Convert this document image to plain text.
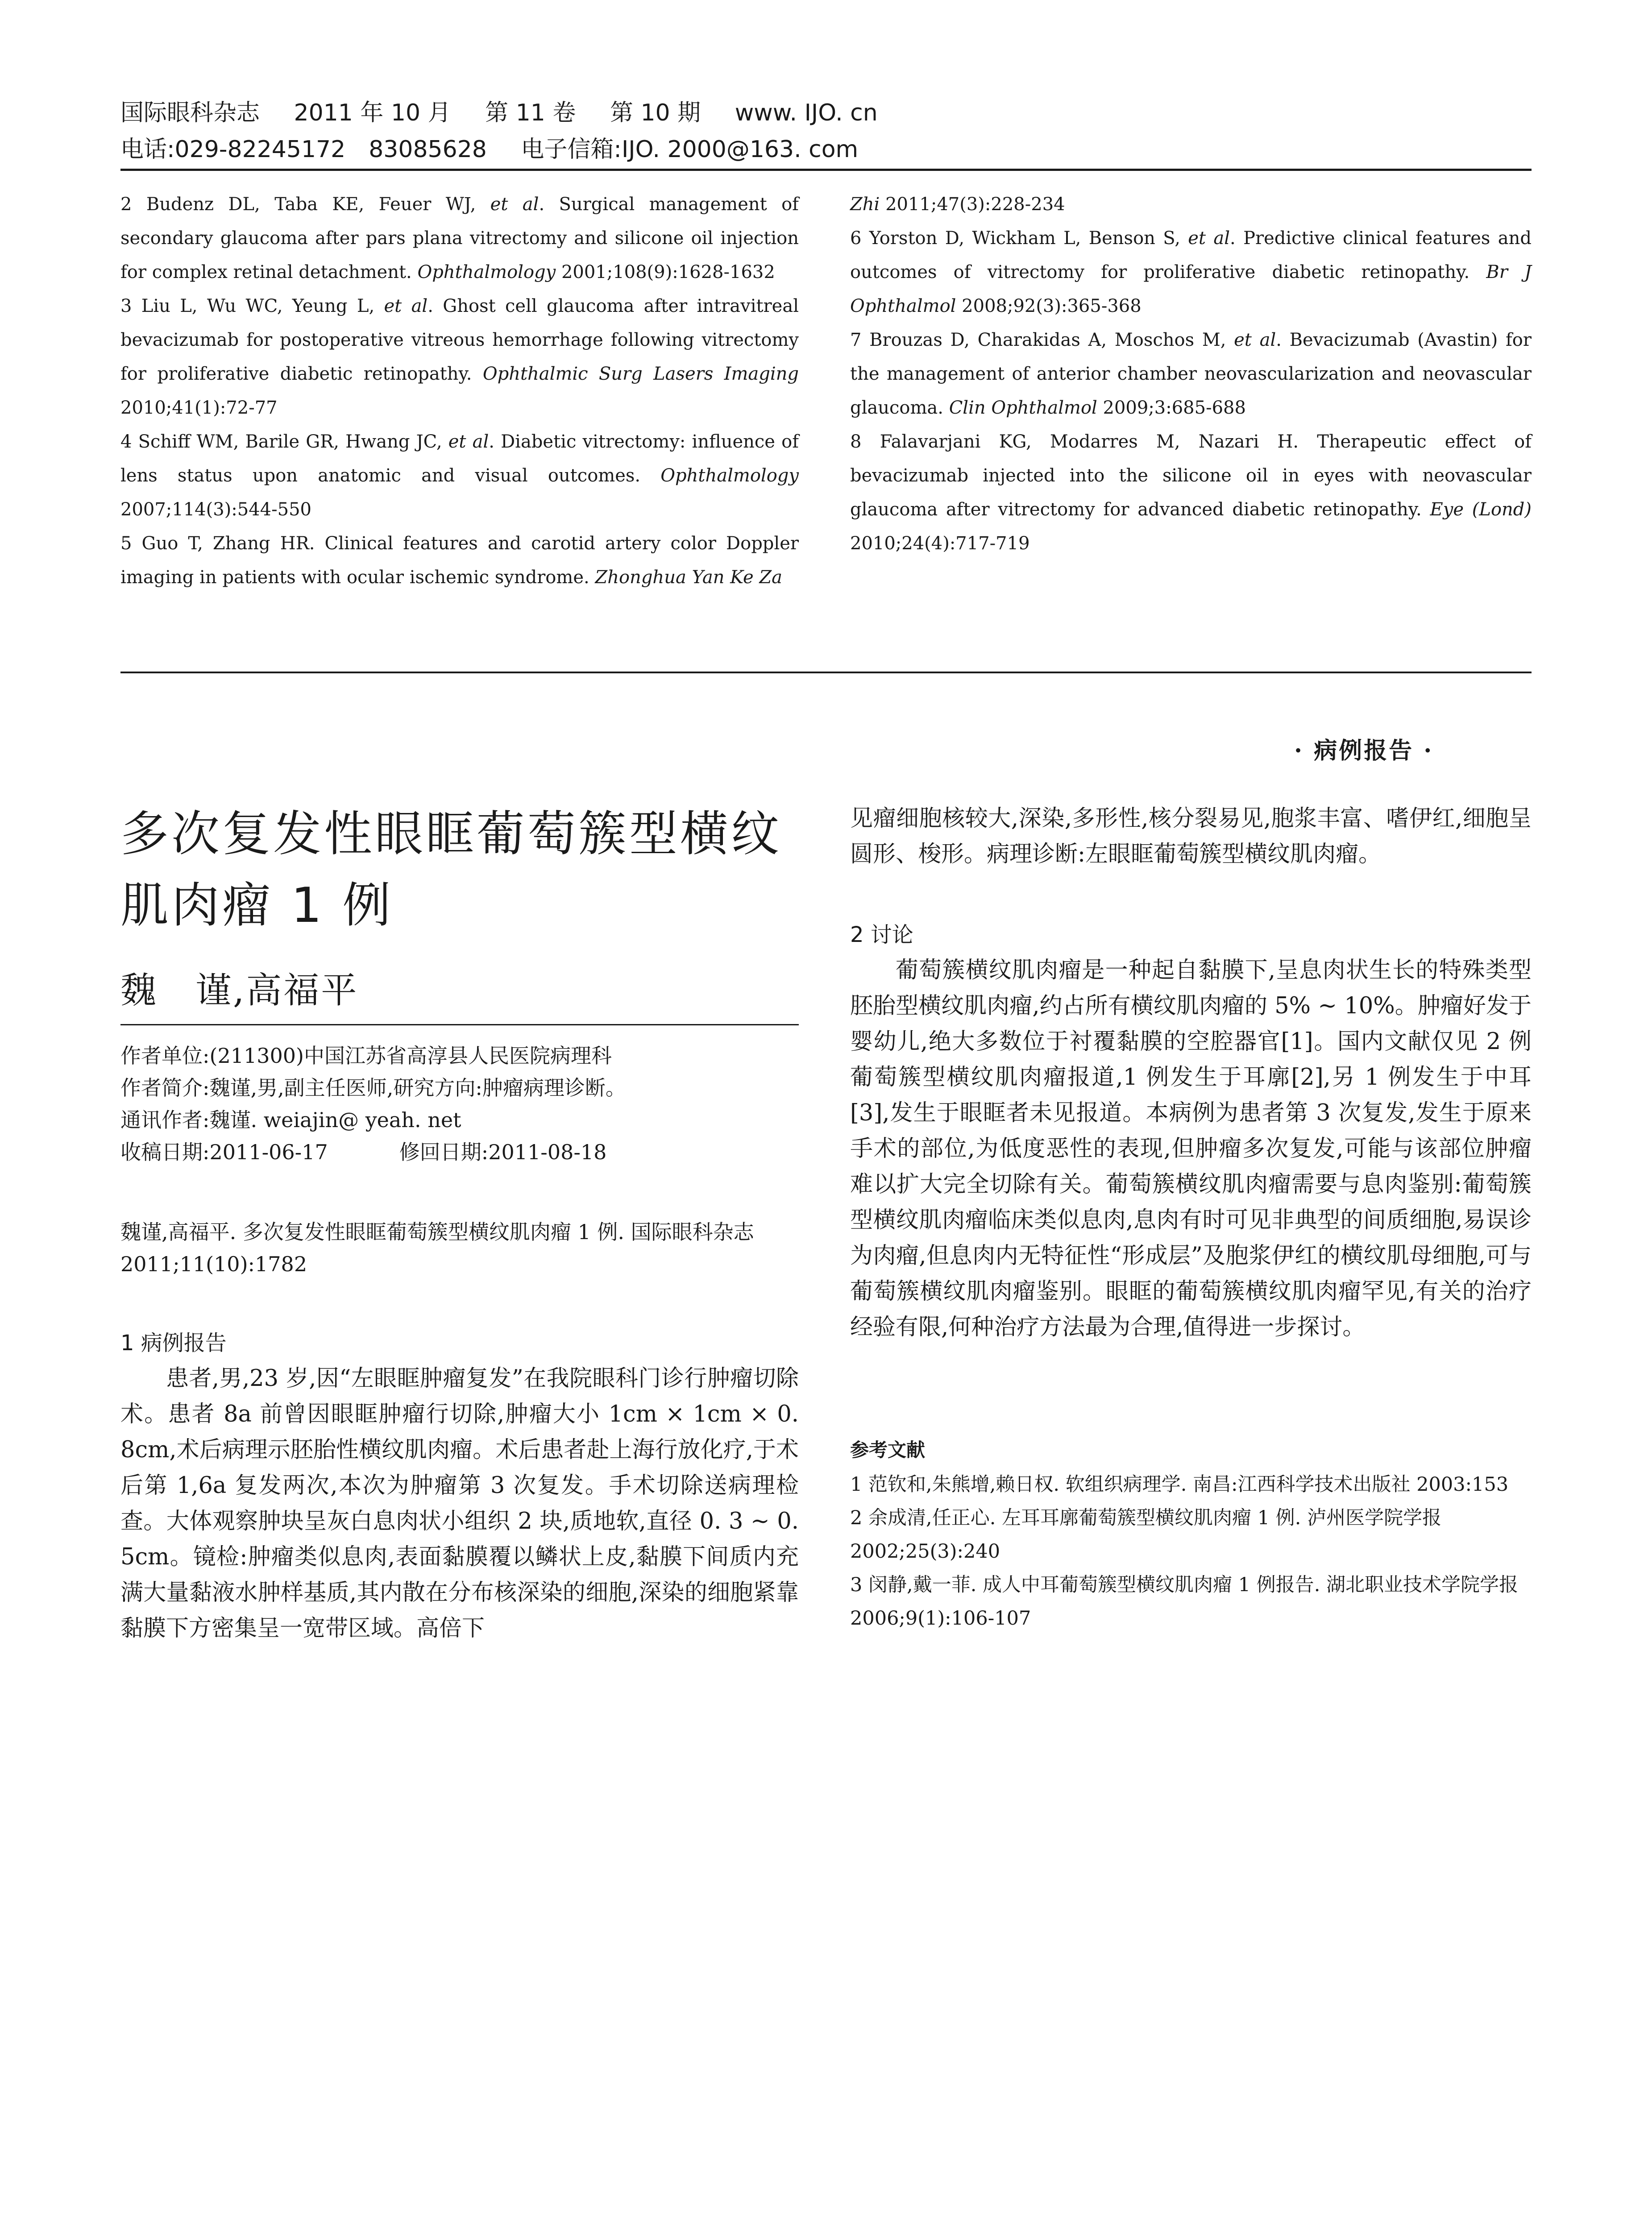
国际眼科杂志 2011 年 10 月 第 11 卷 第 10 期 www. IJO. cn
电话:029-82245172　83085628 电子信箱:IJO. 2000@163. com

2 Budenz DL, Taba KE, Feuer WJ, et al. Surgical management of secondary glaucoma after pars plana vitrectomy and silicone oil injection for complex retinal detachment. Ophthalmology 2001;108(9):1628-1632

3 Liu L, Wu WC, Yeung L, et al. Ghost cell glaucoma after intravitreal bevacizumab for postoperative vitreous hemorrhage following vitrectomy for proliferative diabetic retinopathy. Ophthalmic Surg Lasers Imaging 2010;41(1):72-77

4 Schiff WM, Barile GR, Hwang JC, et al. Diabetic vitrectomy: influence of lens status upon anatomic and visual outcomes. Ophthalmology 2007;114(3):544-550

5 Guo T, Zhang HR. Clinical features and carotid artery color Doppler imaging in patients with ocular ischemic syndrome. Zhonghua Yan Ke Za

Zhi 2011;47(3):228-234

6 Yorston D, Wickham L, Benson S, et al. Predictive clinical features and outcomes of vitrectomy for proliferative diabetic retinopathy. Br J Ophthalmol 2008;92(3):365-368

7 Brouzas D, Charakidas A, Moschos M, et al. Bevacizumab (Avastin) for the management of anterior chamber neovascularization and neovascular glaucoma. Clin Ophthalmol 2009;3:685-688

8 Falavarjani KG, Modarres M, Nazari H. Therapeutic effect of bevacizumab injected into the silicone oil in eyes with neovascular glaucoma after vitrectomy for advanced diabetic retinopathy. Eye (Lond) 2010;24(4):717-719

· 病例报告 ·
多次复发性眼眶葡萄簇型横纹
肌肉瘤 1 例
魏　谨,高福平
作者单位:(211300)中国江苏省高淳县人民医院病理科
作者简介:魏谨,男,副主任医师,研究方向:肿瘤病理诊断。
通讯作者:魏谨. weiajin@ yeah. net
收稿日期:2011-06-17	修回日期:2011-08-18
魏谨,高福平. 多次复发性眼眶葡萄簇型横纹肌肉瘤 1 例. 国际眼科杂志 2011;11(10):1782
1 病例报告

患者,男,23 岁,因“左眼眶肿瘤复发”在我院眼科门诊行肿瘤切除术。患者 8a 前曾因眼眶肿瘤行切除,肿瘤大小 1cm × 1cm × 0. 8cm,术后病理示胚胎性横纹肌肉瘤。术后患者赴上海行放化疗,于术后第 1,6a 复发两次,本次为肿瘤第 3 次复发。手术切除送病理检查。大体观察肿块呈灰白息肉状小组织 2 块,质地软,直径 0. 3 ~ 0. 5cm。镜检:肿瘤类似息肉,表面黏膜覆以鳞状上皮,黏膜下间质内充满大量黏液水肿样基质,其内散在分布核深染的细胞,深染的细胞紧靠黏膜下方密集呈一宽带区域。高倍下

见瘤细胞核较大,深染,多形性,核分裂易见,胞浆丰富、嗜伊红,细胞呈圆形、梭形。病理诊断:左眼眶葡萄簇型横纹肌肉瘤。
2 讨论

葡萄簇横纹肌肉瘤是一种起自黏膜下,呈息肉状生长的特殊类型胚胎型横纹肌肉瘤,约占所有横纹肌肉瘤的 5% ~ 10%。肿瘤好发于婴幼儿,绝大多数位于衬覆黏膜的空腔器官[1]。国内文献仅见 2 例葡萄簇型横纹肌肉瘤报道,1 例发生于耳廓[2],另 1 例发生于中耳[3],发生于眼眶者未见报道。本病例为患者第 3 次复发,发生于原来手术的部位,为低度恶性的表现,但肿瘤多次复发,可能与该部位肿瘤难以扩大完全切除有关。葡萄簇横纹肌肉瘤需要与息肉鉴别:葡萄簇型横纹肌肉瘤临床类似息肉,息肉有时可见非典型的间质细胞,易误诊为肉瘤,但息肉内无特征性“形成层”及胞浆伊红的横纹肌母细胞,可与葡萄簇横纹肌肉瘤鉴别。眼眶的葡萄簇横纹肌肉瘤罕见,有关的治疗经验有限,何种治疗方法最为合理,值得进一步探讨。

参考文献

1 范钦和,朱熊增,赖日权. 软组织病理学. 南昌:江西科学技术出版社 2003:153

2 余成清,任正心. 左耳耳廓葡萄簇型横纹肌肉瘤 1 例. 泸州医学院学报 2002;25(3):240

3 闵静,戴一菲. 成人中耳葡萄簇型横纹肌肉瘤 1 例报告. 湖北职业技术学院学报 2006;9(1):106-107
